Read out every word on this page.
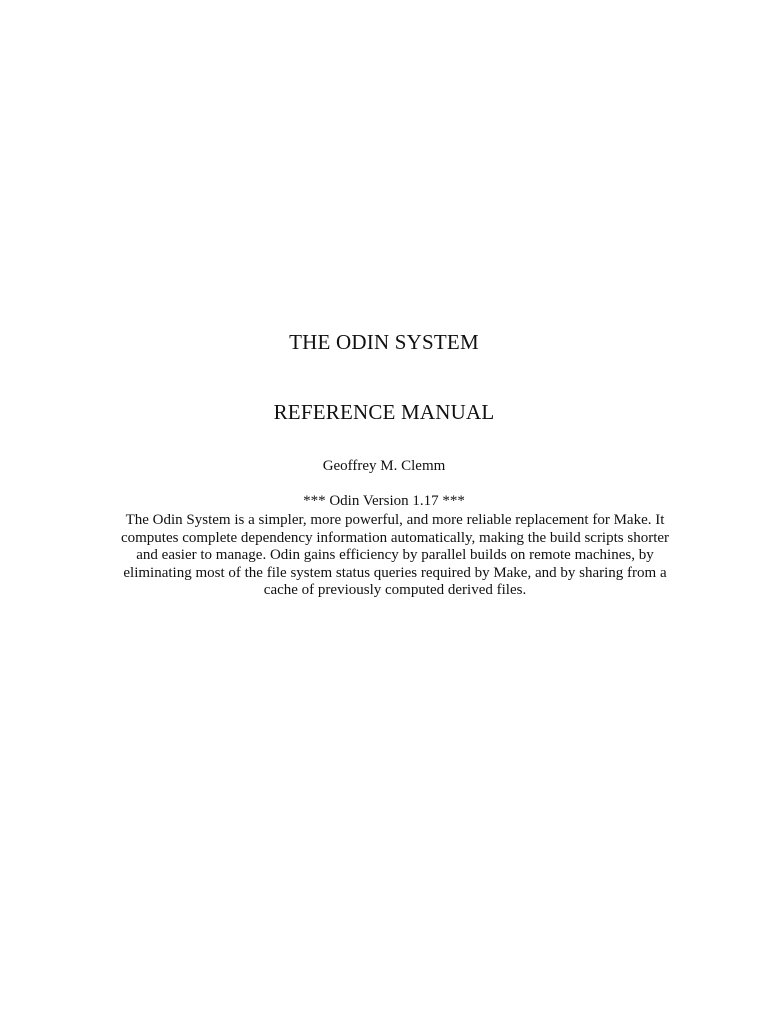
THE ODIN SYSTEM
REFERENCE MANUAL

Geoffrey M. Clemm

*** Odin Version 1.17 ***

The Odin System is a simpler, more powerful, and more reliable replacement for Make. It
computes complete dependency information automatically, making the build scripts shorter
and easier to manage. Odin gains efficiency by parallel builds on remote machines, by
eliminating most of the file system status queries required by Make, and by sharing from a
cache of previously computed derived files.
